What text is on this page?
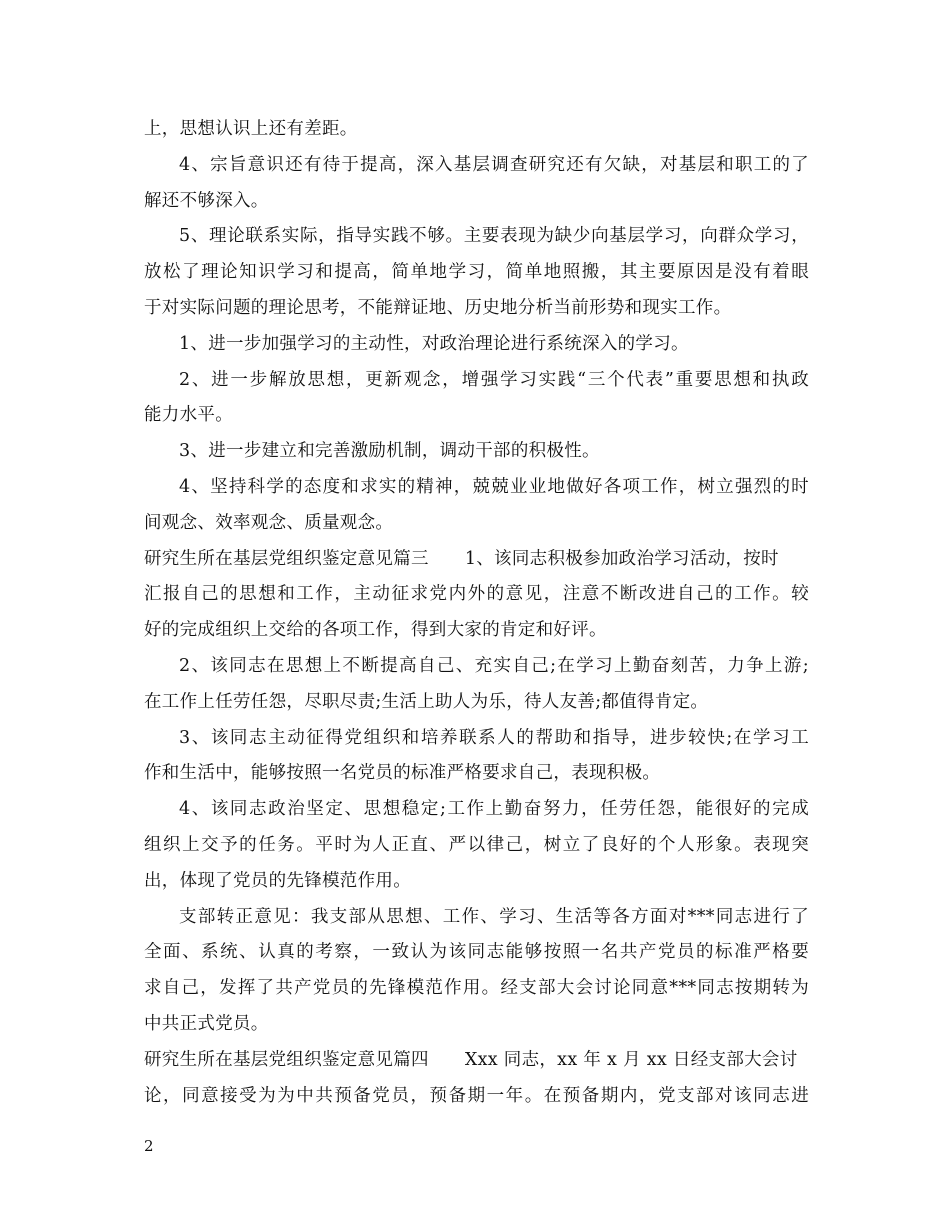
上，思想认识上还有差距。
4、宗旨意识还有待于提高，深入基层调查研究还有欠缺，对基层和职工的了
解还不够深入。
5、理论联系实际，指导实践不够。主要表现为缺少向基层学习，向群众学习，
放松了理论知识学习和提高，简单地学习，简单地照搬，其主要原因是没有着眼
于对实际问题的理论思考，不能辩证地、历史地分析当前形势和现实工作。
1、进一步加强学习的主动性，对政治理论进行系统深入的学习。
2、进一步解放思想，更新观念，增强学习实践“三个代表”重要思想和执政
能力水平。
3、进一步建立和完善激励机制，调动干部的积极性。
4、坚持科学的态度和求实的精神，兢兢业业地做好各项工作，树立强烈的时
间观念、效率观念、质量观念。
研究生所在基层党组织鉴定意见篇三 1、该同志积极参加政治学习活动，按时
汇报自己的思想和工作，主动征求党内外的意见，注意不断改进自己的工作。较
好的完成组织上交给的各项工作，得到大家的肯定和好评。
2、该同志在思想上不断提高自己、充实自己;在学习上勤奋刻苦，力争上游;
在工作上任劳任怨，尽职尽责;生活上助人为乐，待人友善;都值得肯定。
3、该同志主动征得党组织和培养联系人的帮助和指导，进步较快;在学习工
作和生活中，能够按照一名党员的标准严格要求自己，表现积极。
4、该同志政治坚定、思想稳定;工作上勤奋努力，任劳任怨，能很好的完成
组织上交予的任务。平时为人正直、严以律己，树立了良好的个人形象。表现突
出，体现了党员的先锋模范作用。
支部转正意见：我支部从思想、工作、学习、生活等各方面对***同志进行了
全面、系统、认真的考察，一致认为该同志能够按照一名共产党员的标准严格要
求自己，发挥了共产党员的先锋模范作用。经支部大会讨论同意***同志按期转为
中共正式党员。
研究生所在基层党组织鉴定意见篇四 Xxx 同志，xx 年 x 月 xx 日经支部大会讨
论，同意接受为为中共预备党员，预备期一年。在预备期内，党支部对该同志进
2
